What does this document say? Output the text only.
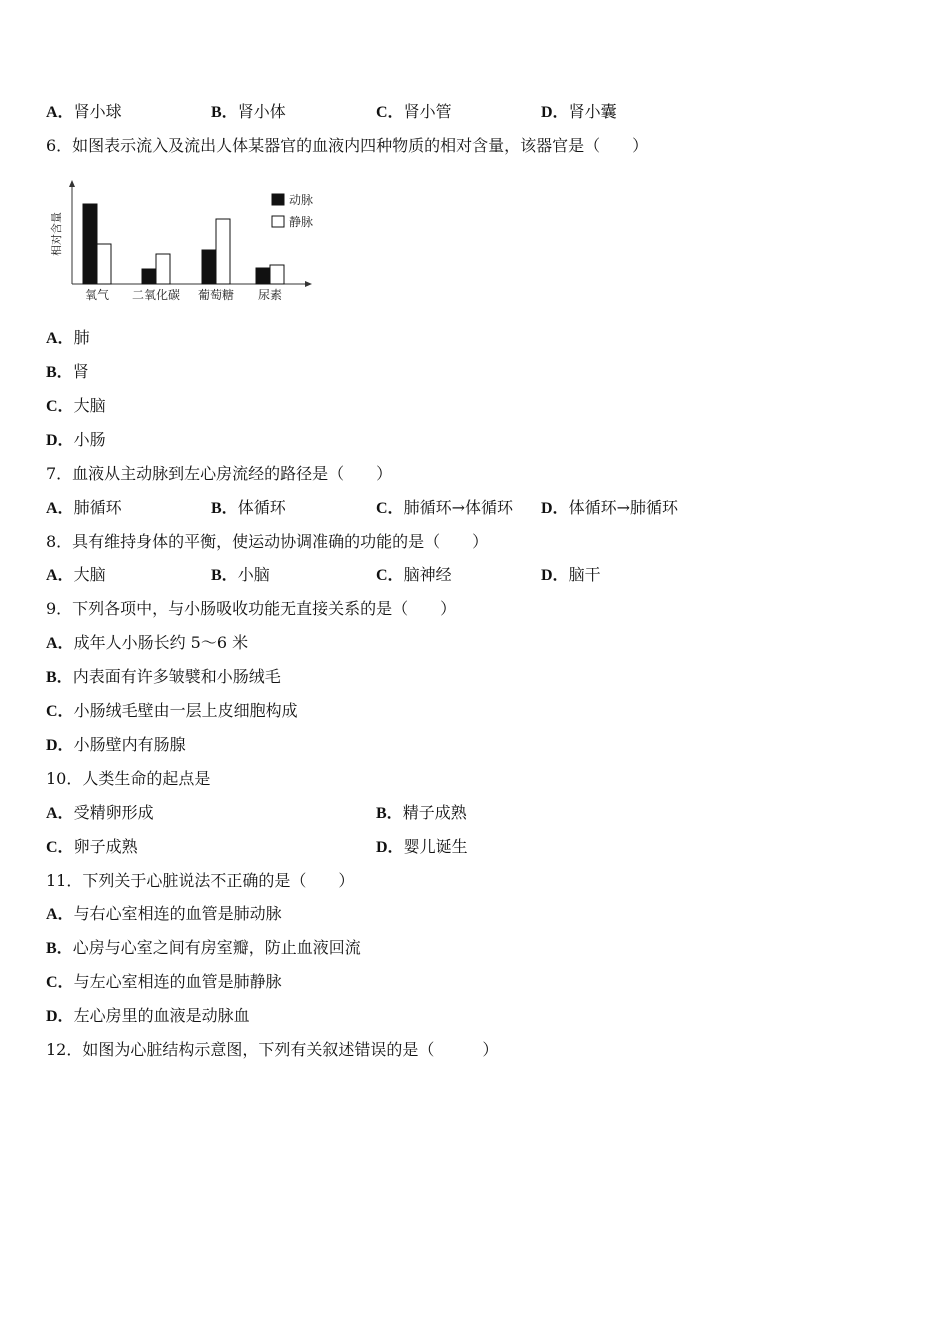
A．肾小球	B．肾小体	C．肾小管	D．肾小囊
6．如图表示流入及流出人体某器官的血液内四种物质的相对含量，该器官是（　　）
相对含量
氧气 二氧化碳 葡萄糖 尿素
动脉
静脉
A．肺
B．肾
C．大脑
D．小肠
7．血液从主动脉到左心房流经的路径是（　　）
A．肺循环	B．体循环	C．肺循环→体循环 D．体循环→肺循环
8．具有维持身体的平衡，使运动协调准确的功能的是（　　）
A．大脑	B．小脑	C．脑神经	D．脑干
9．下列各项中，与小肠吸收功能无直接关系的是（　　）
A．成年人小肠长约 5～6 米
B．内表面有许多皱襞和小肠绒毛
C．小肠绒毛壁由一层上皮细胞构成
D．小肠壁内有肠腺
10．人类生命的起点是
A．受精卵形成	B．精子成熟
C．卵子成熟	D．婴儿诞生
11．下列关于心脏说法不正确的是（　　）
A．与右心室相连的血管是肺动脉
B．心房与心室之间有房室瓣，防止血液回流
C．与左心室相连的血管是肺静脉
D．左心房里的血液是动脉血
12．如图为心脏结构示意图，下列有关叙述错误的是（　　　）
